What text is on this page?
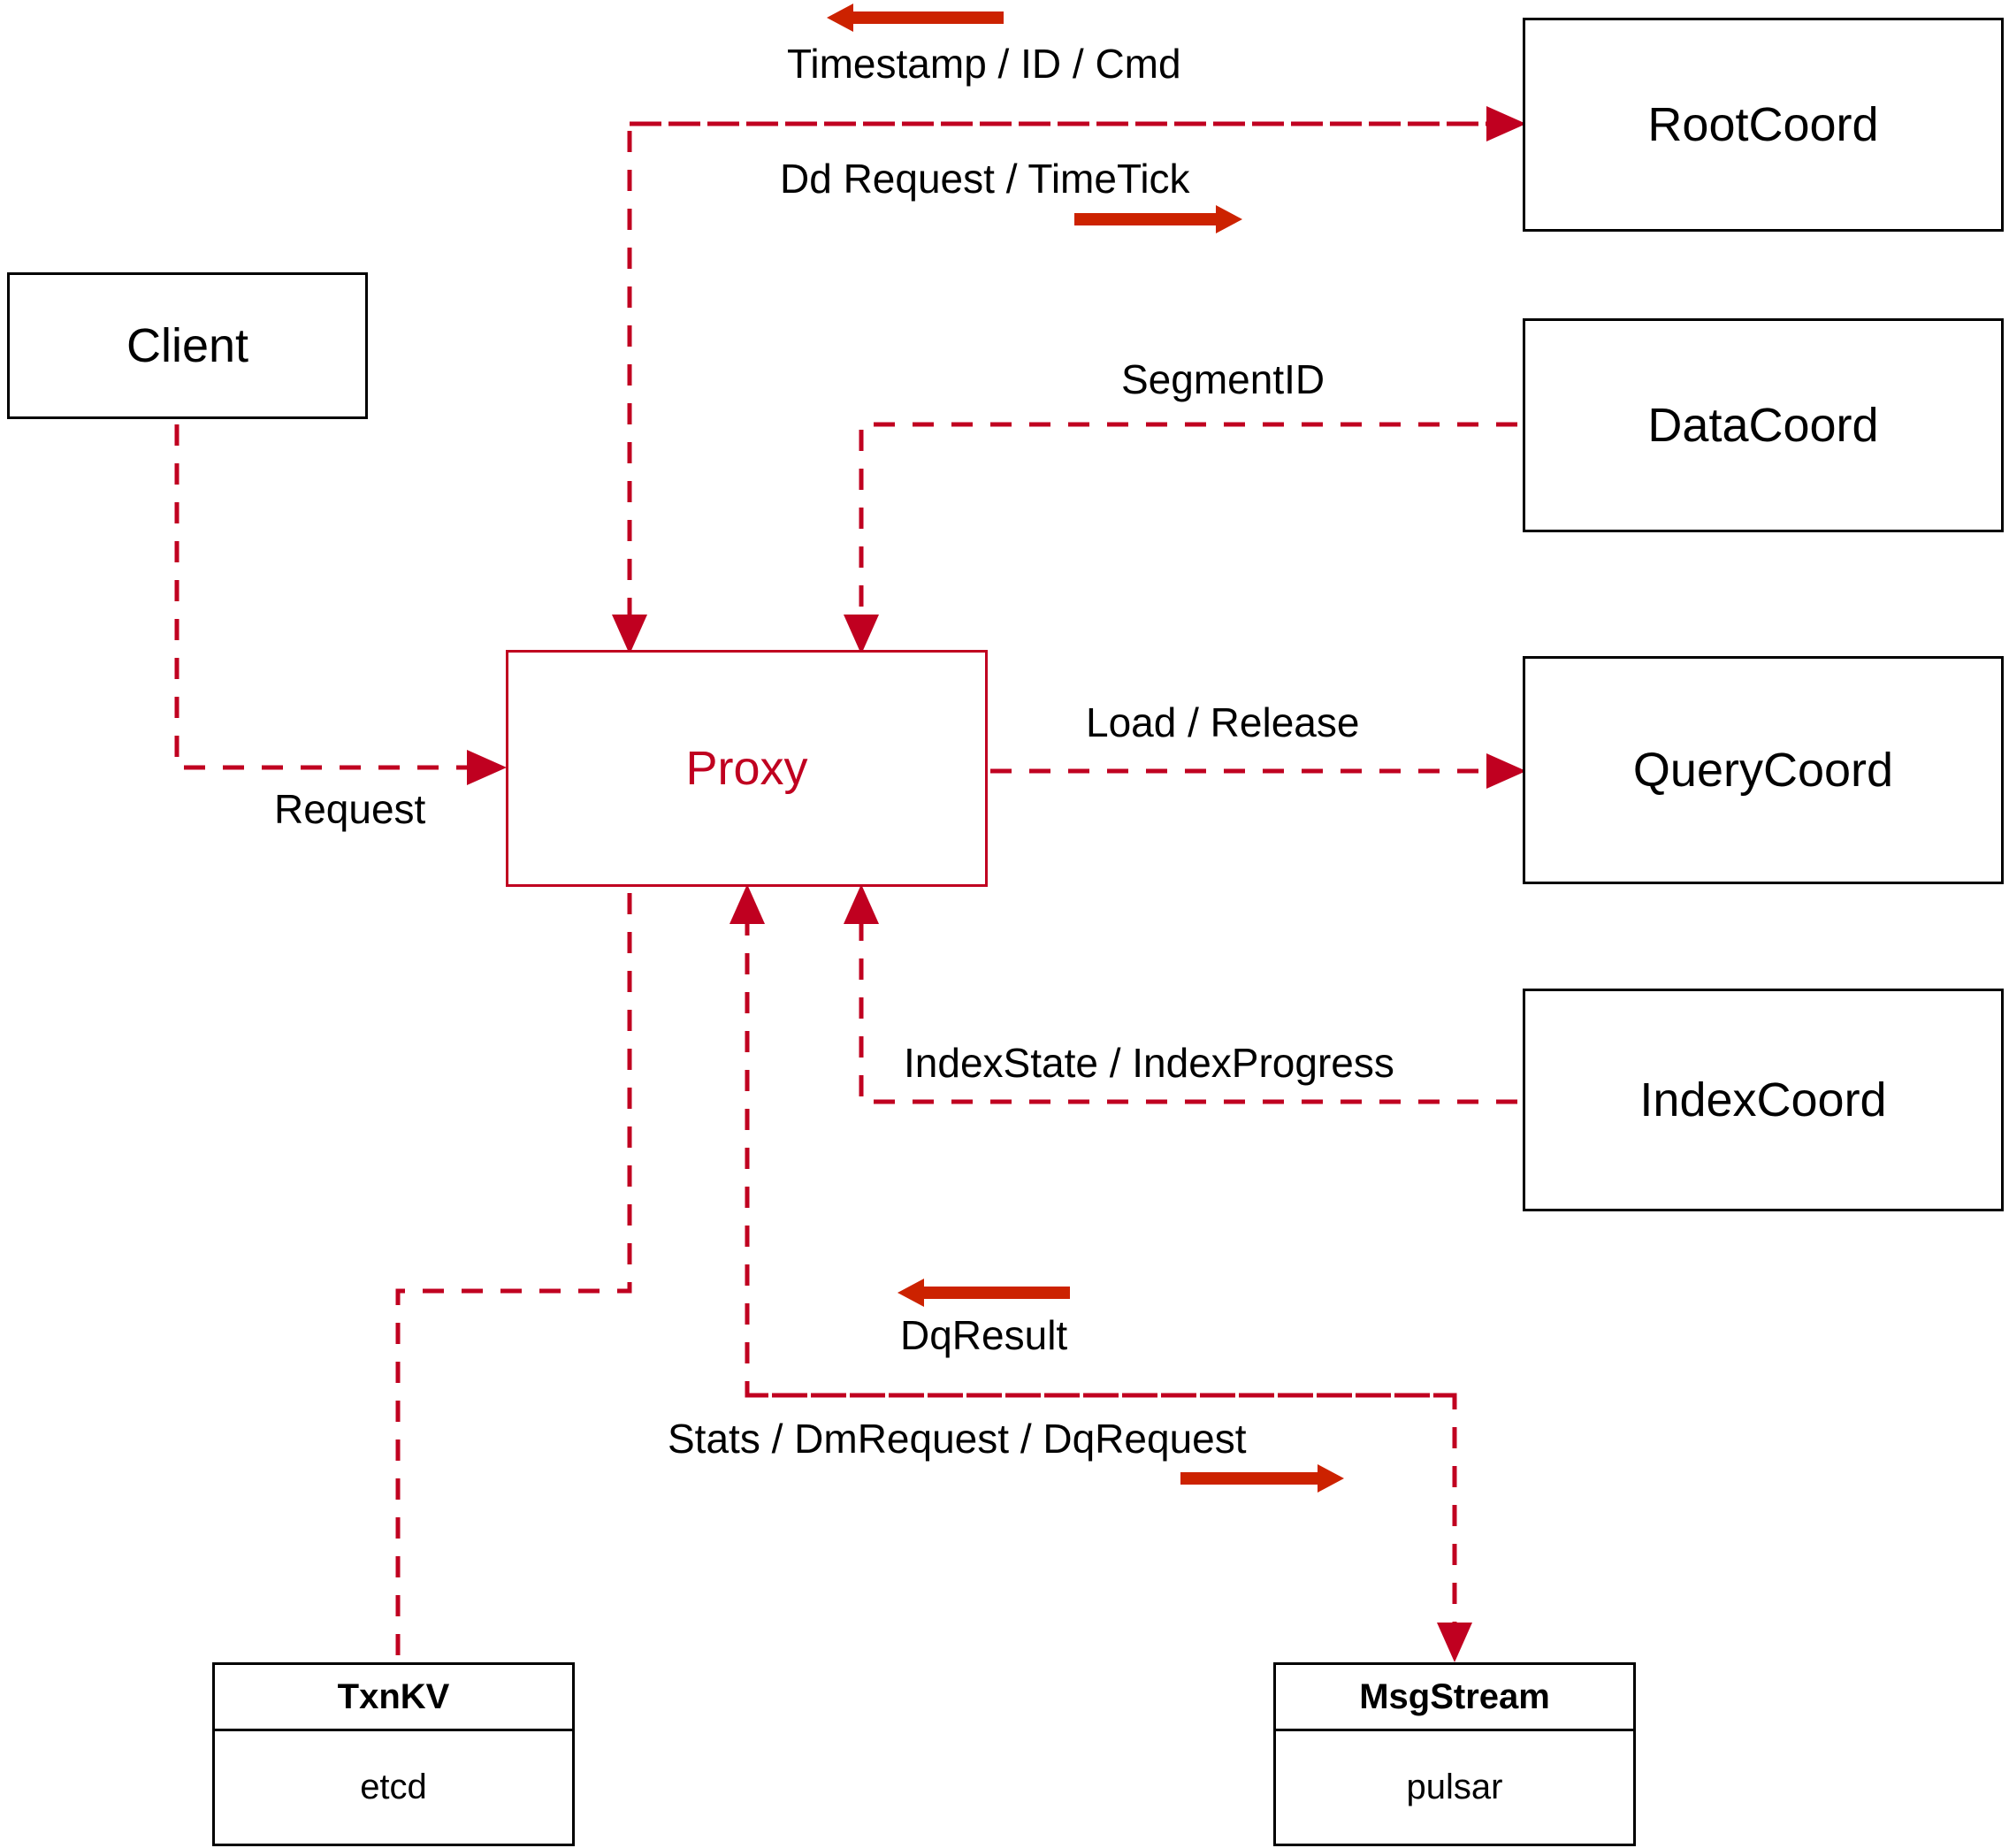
Client
Proxy
RootCoord
DataCoord
QueryCoord
IndexCoord
TxnKV
etcd
MsgStream
pulsar
Timestamp / ID / Cmd
Dd Request / TimeTick
SegmentID
Load / Release
IndexState / IndexProgress
Request
DqResult
Stats / DmRequest / DqRequest
